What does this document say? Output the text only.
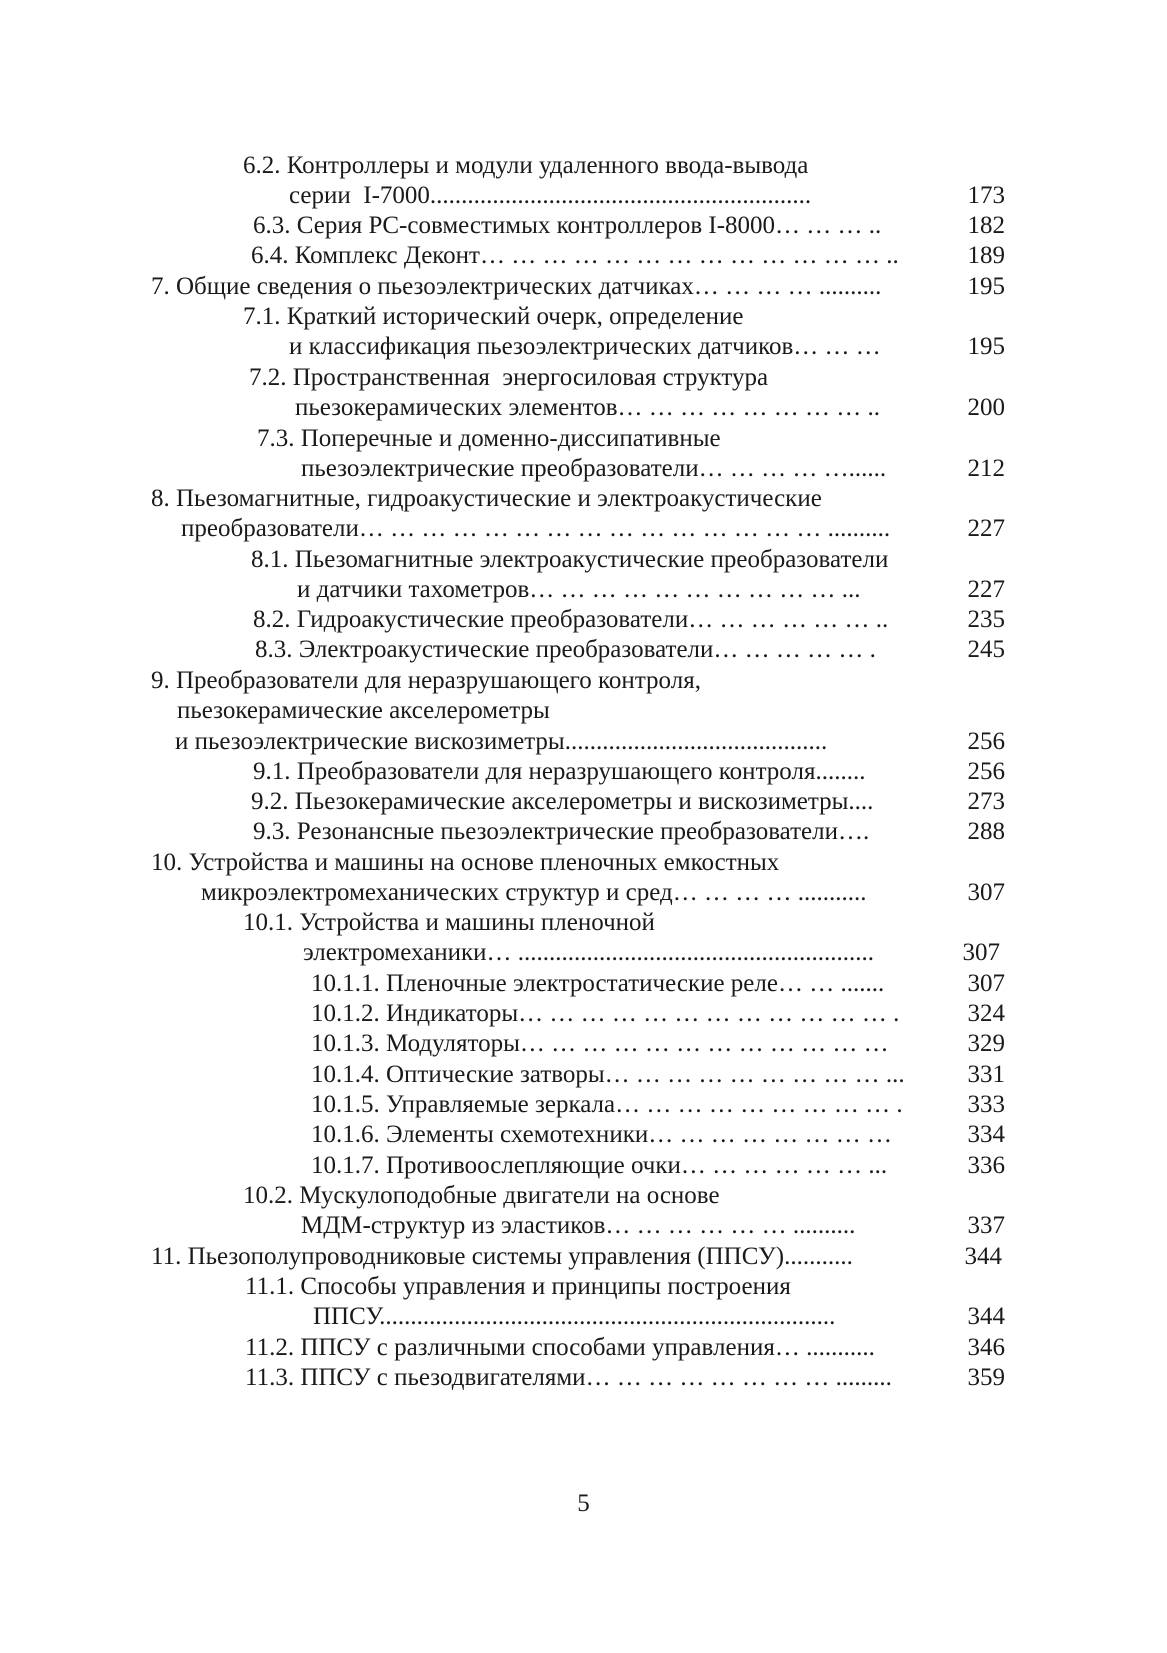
6.2. Контроллеры и модули удаленного ввода-вывода
серии  I-7000.............................................................	173
6.3. Серия PC-совместимых контроллеров I-8000… … … ..	182
6.4. Комплекс Деконт… … … … … … … … … … … … … ..	189
7. Общие сведения о пьезоэлектрических датчиках… … … … ..........	195
7.1. Краткий исторический очерк, определение
и классификация пьезоэлектрических датчиков… … …	195
7.2. Пространственная  энергосиловая структура
пьезокерамических элементов… … … … … … … … ..	200
7.3. Поперечные и доменно-диссипативные
пьезоэлектрические преобразователи… … … … …......	212
8. Пьезомагнитные, гидроакустические и электроакустические
преобразователи… … … … … … … … … … … … … … … ..........	227
8.1. Пьезомагнитные электроакустические преобразователи
и датчики тахометров… … … … … … … … … … ...	227
8.2. Гидроакустические преобразователи… … … … … … ..	235
8.3. Электроакустические преобразователи… … … … … .	245
9. Преобразователи для неразрушающего контроля,
пьезокерамические акселерометры
и пьезоэлектрические вискозиметры..........................................	256
9.1. Преобразователи для неразрушающего контроля........	256
9.2. Пьезокерамические акселерометры и вискозиметры....	273
9.3. Резонансные пьезоэлектрические преобразователи….	288
10. Устройства и машины на основе пленочных емкостных
микроэлектромеханических структур и сред… … … … ...........	307
10.1. Устройства и машины пленочной
электромеханики… .........................................................	307
10.1.1. Пленочные электростатические реле… … .......	307
10.1.2. Индикаторы… … … … … … … … … … … … .	324
10.1.3. Модуляторы… … … … … … … … … … … …	329
10.1.4. Оптические затворы… … … … … … … … … ...	331
10.1.5. Управляемые зеркала… … … … … … … … … .	333
10.1.6. Элементы схемотехники… … … … … … … …	334
10.1.7. Противоослепляющие очки… … … … … … ...	336
10.2. Мускулоподобные двигатели на основе
МДМ-структур из эластиков… … … … … … ..........	337
11. Пьезополупроводниковые системы управления (ППСУ)...........	344
11.1. Способы управления и принципы построения
ППСУ.........................................................................	344
11.2. ППСУ с различными способами управления… ...........	346
11.3. ППСУ с пьезодвигателями… … … … … … … … .........	359
5
